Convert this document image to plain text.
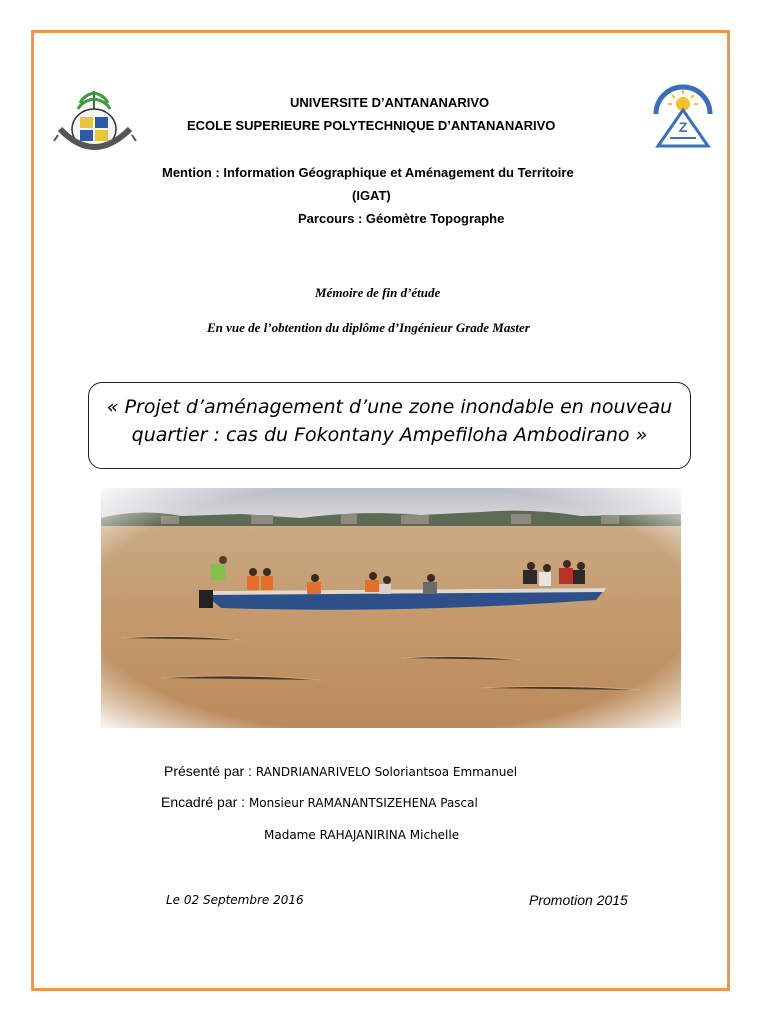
Z
UNIVERSITE D’ANTANANARIVO
ECOLE SUPERIEURE POLYTECHNIQUE D’ANTANANARIVO
Mention : Information Géographique et Aménagement du Territoire
(IGAT)
Parcours : Géomètre Topographe
Mémoire de fin d’étude
En vue de l’obtention du diplôme d’Ingénieur Grade Master
« Projet d’aménagement d’une zone inondable en nouveau
quartier : cas du Fokontany Ampefiloha Ambodirano »
Présenté par : RANDRIANARIVELO Soloriantsoa Emmanuel
Encadré par : Monsieur RAMANANTSIZEHENA Pascal
Madame RAHAJANIRINA Michelle
Le 02 Septembre 2016	Promotion 2015
